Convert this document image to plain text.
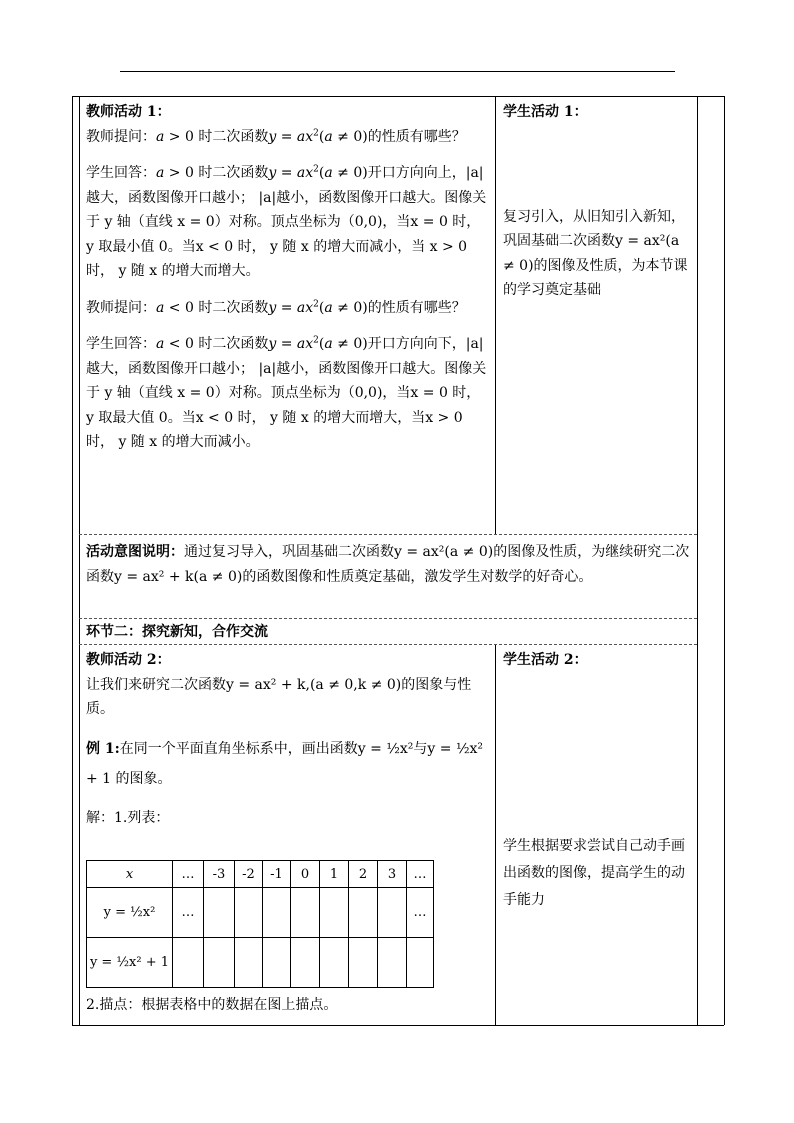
教师活动 1：

教师提问：a > 0 时二次函数$y = ax^2(a \ne 0)$的性质有哪些？

学生回答：a > 0 时二次函数$y = ax^2(a \ne 0)$开口方向向上，|a|越大，函数图像开口越小； |a|越小，函数图像开口越大。图像关于 y 轴（直线 x = 0）对称。顶点坐标为（0,0)，当x = 0 时， y 取最小值 0。当x < 0 时， y 随 x 的增大而减小，当 x > 0 时， y 随 x 的增大而增大。

教师提问：a < 0 时二次函数$y = ax^2(a \ne 0)$的性质有哪些？

学生回答：a < 0 时二次函数$y = ax^2(a \ne 0)$开口方向向下，|a|越大，函数图像开口越小； |a|越小，函数图像开口越大。图像关于 y 轴（直线 x = 0）对称。顶点坐标为（0,0)，当x = 0 时， y 取最大值 0。当x < 0 时， y 随 x 的增大而增大，当x > 0 时， y 随 x 的增大而减小。

学生活动 1：
复习引入，从旧知引入新知，巩固基础二次函数y = ax²(a ≠ 0)的图像及性质，为本节课的学习奠定基础
活动意图说明：通过复习导入，巩固基础二次函数y = ax²(a ≠ 0)的图像及性质，为继续研究二次函数y = ax² + k(a ≠ 0)的函数图像和性质奠定基础，激发学生对数学的好奇心。
环节二：探究新知，合作交流
教师活动 2：

让我们来研究二次函数y = ax² + k,(a ≠ 0,k ≠ 0)的图象与性质。

例 1:在同一个平面直角坐标系中，画出函数y = ½x²与y = ½x² + 1 的图象。

解：1.列表：
学生活动 2：
学生根据要求尝试自己动手画出函数的图像，提高学生的动手能力
x	…	-3	-2	-1	0	1	2	3	…
y = ½x²	…								…
y = ½x² + 1									
2.描点：根据表格中的数据在图上描点。
